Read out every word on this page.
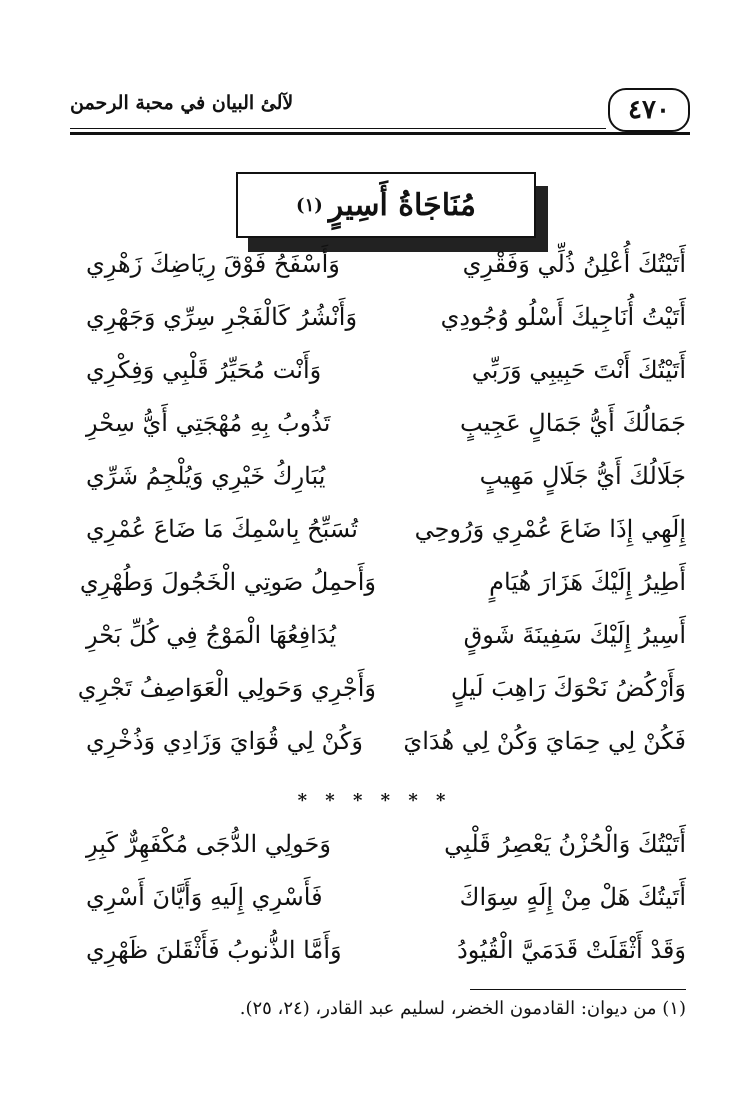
٤٧٠
لآلئ البيان في محبة الرحمن
مُنَاجَاةُ أَسِيرٍ
(١)
أَتَيْتُكَ أُعْلِنُ ذُلِّي وَفَقْرِي
وَأَسْفَحُ فَوْقَ رِيَاضِكَ زَهْرِي
أَتَيْتُ أُنَاجِيكَ أَسْلُو وُجُودِي
وَأَنْشُرُ كَالْفَجْرِ سِرِّي وَجَهْرِي
أَتَيْتُكَ أَنْتَ حَبِيبِي وَرَبِّي
وَأَنْت مُحَيِّرُ قَلْبِي وَفِكْرِي
جَمَالُكَ أَيُّ جَمَالٍ عَجِيبٍ
تَذُوبُ بِهِ مُهْجَتِي أَيُّ سِحْرِ
جَلَالُكَ أَيُّ جَلَالٍ مَهِيبٍ
يُبَارِكُ خَيْرِي وَيُلْجِمُ شَرِّي
إِلَهِي إِذَا ضَاعَ عُمْرِي وَرُوحِي
تُسَبِّحُ بِاسْمِكَ مَا ضَاعَ عُمْرِي
أَطِيرُ إِلَيْكَ هَزَارَ هُيَامٍ
وَأَحمِلُ صَوتِي الْخَجُولَ وَطُهْرِي
أَسِيرُ إِلَيْكَ سَفِينَةَ شَوقٍ
يُدَافِعُهَا الْمَوْجُ فِي كُلِّ بَحْرِ
وَأَرْكُضُ نَحْوَكَ رَاهِبَ لَيلٍ
وَأَجْرِي وَحَولِي الْعَوَاصِفُ تَجْرِي
فَكُنْ لِي حِمَايَ وَكُنْ لِي هُدَايَ
وَكُنْ لِي قُوَايَ وَزَادِي وَذُخْرِي
* * * * * *
أَتَيْتُكَ وَالْحُزْنُ يَعْصِرُ قَلْبِي
وَحَولِي الدُّجَى مُكْفَهِرٌّ كَبِرِ
أَتَيتُكَ هَلْ مِنْ إِلَهٍ سِوَاكَ
فَأَسْرِي إِلَيهِ وَأَيَّانَ أَسْرِي
وَقَدْ أَثْقَلَتْ قَدَمَيَّ الْقُيُودُ
وَأَمَّا الذُّنوبُ فَأَثْقَلنَ ظَهْرِي
(١) من ديوان: القادمون الخضر، لسليم عبد القادر، (٢٤، ٢٥).
